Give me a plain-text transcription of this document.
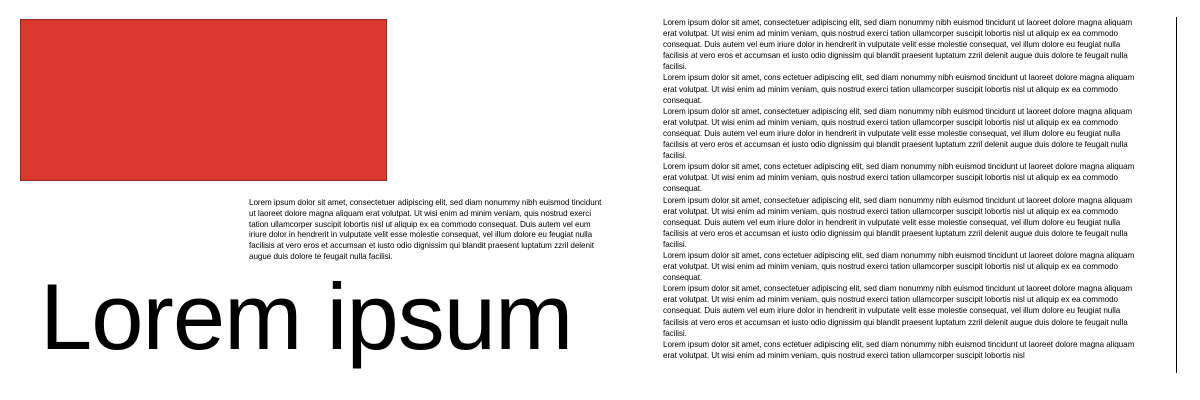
Lorem ipsum dolor sit amet, consectetuer adipiscing elit, sed diam nonummy nibh euismod tincidunt ut laoreet dolore magna aliquam erat volutpat. Ut wisi enim ad minim veniam, quis nostrud exerci tation ullamcorper suscipit lobortis nisl ut aliquip ex ea commodo consequat. Duis autem vel eum iriure dolor in hendrerit in vulputate velit esse molestie consequat, vel illum dolore eu feugiat nulla facilisis at vero eros et accumsan et iusto odio dignissim qui blandit praesent luptatum zzril delenit augue duis dolore te feugait nulla facilisi.

Lorem ipsum

Lorem ipsum dolor sit amet, consectetuer adipiscing elit, sed diam nonummy nibh euismod tincidunt ut laoreet dolore magna aliquam erat volutpat. Ut wisi enim ad minim veniam, quis nostrud exerci tation ullamcorper suscipit lobortis nisl ut aliquip ex ea commodo consequat. Duis autem vel eum iriure dolor in hendrerit in vulputate velit esse molestie consequat, vel illum dolore eu feugiat nulla facilisis at vero eros et accumsan et iusto odio dignissim qui blandit praesent luptatum zzril delenit augue duis dolore te feugait nulla facilisi.

Lorem ipsum dolor sit amet, cons ectetuer adipiscing elit, sed diam nonummy nibh euismod tincidunt ut laoreet dolore magna aliquam erat volutpat. Ut wisi enim ad minim veniam, quis nostrud exerci tation ullamcorper suscipit lobortis nisl ut aliquip ex ea commodo consequat.

Lorem ipsum dolor sit amet, consectetuer adipiscing elit, sed diam nonummy nibh euismod tincidunt ut laoreet dolore magna aliquam erat volutpat. Ut wisi enim ad minim veniam, quis nostrud exerci tation ullamcorper suscipit lobortis nisl ut aliquip ex ea commodo consequat. Duis autem vel eum iriure dolor in hendrerit in vulputate velit esse molestie consequat, vel illum dolore eu feugiat nulla facilisis at vero eros et accumsan et iusto odio dignissim qui blandit praesent luptatum zzril delenit augue duis dolore te feugait nulla facilisi.

Lorem ipsum dolor sit amet, cons ectetuer adipiscing elit, sed diam nonummy nibh euismod tincidunt ut laoreet dolore magna aliquam erat volutpat. Ut wisi enim ad minim veniam, quis nostrud exerci tation ullamcorper suscipit lobortis nisl ut aliquip ex ea commodo consequat.

Lorem ipsum dolor sit amet, consectetuer adipiscing elit, sed diam nonummy nibh euismod tincidunt ut laoreet dolore magna aliquam erat volutpat. Ut wisi enim ad minim veniam, quis nostrud exerci tation ullamcorper suscipit lobortis nisl ut aliquip ex ea commodo consequat. Duis autem vel eum iriure dolor in hendrerit in vulputate velit esse molestie consequat, vel illum dolore eu feugiat nulla facilisis at vero eros et accumsan et iusto odio dignissim qui blandit praesent luptatum zzril delenit augue duis dolore te feugait nulla facilisi.

Lorem ipsum dolor sit amet, cons ectetuer adipiscing elit, sed diam nonummy nibh euismod tincidunt ut laoreet dolore magna aliquam erat volutpat. Ut wisi enim ad minim veniam, quis nostrud exerci tation ullamcorper suscipit lobortis nisl ut aliquip ex ea commodo consequat.

Lorem ipsum dolor sit amet, consectetuer adipiscing elit, sed diam nonummy nibh euismod tincidunt ut laoreet dolore magna aliquam erat volutpat. Ut wisi enim ad minim veniam, quis nostrud exerci tation ullamcorper suscipit lobortis nisl ut aliquip ex ea commodo consequat. Duis autem vel eum iriure dolor in hendrerit in vulputate velit esse molestie consequat, vel illum dolore eu feugiat nulla facilisis at vero eros et accumsan et iusto odio dignissim qui blandit praesent luptatum zzril delenit augue duis dolore te feugait nulla facilisi.

Lorem ipsum dolor sit amet, cons ectetuer adipiscing elit, sed diam nonummy nibh euismod tincidunt ut laoreet dolore magna aliquam erat volutpat. Ut wisi enim ad minim veniam, quis nostrud exerci tation ullamcorper suscipit lobortis nisl
